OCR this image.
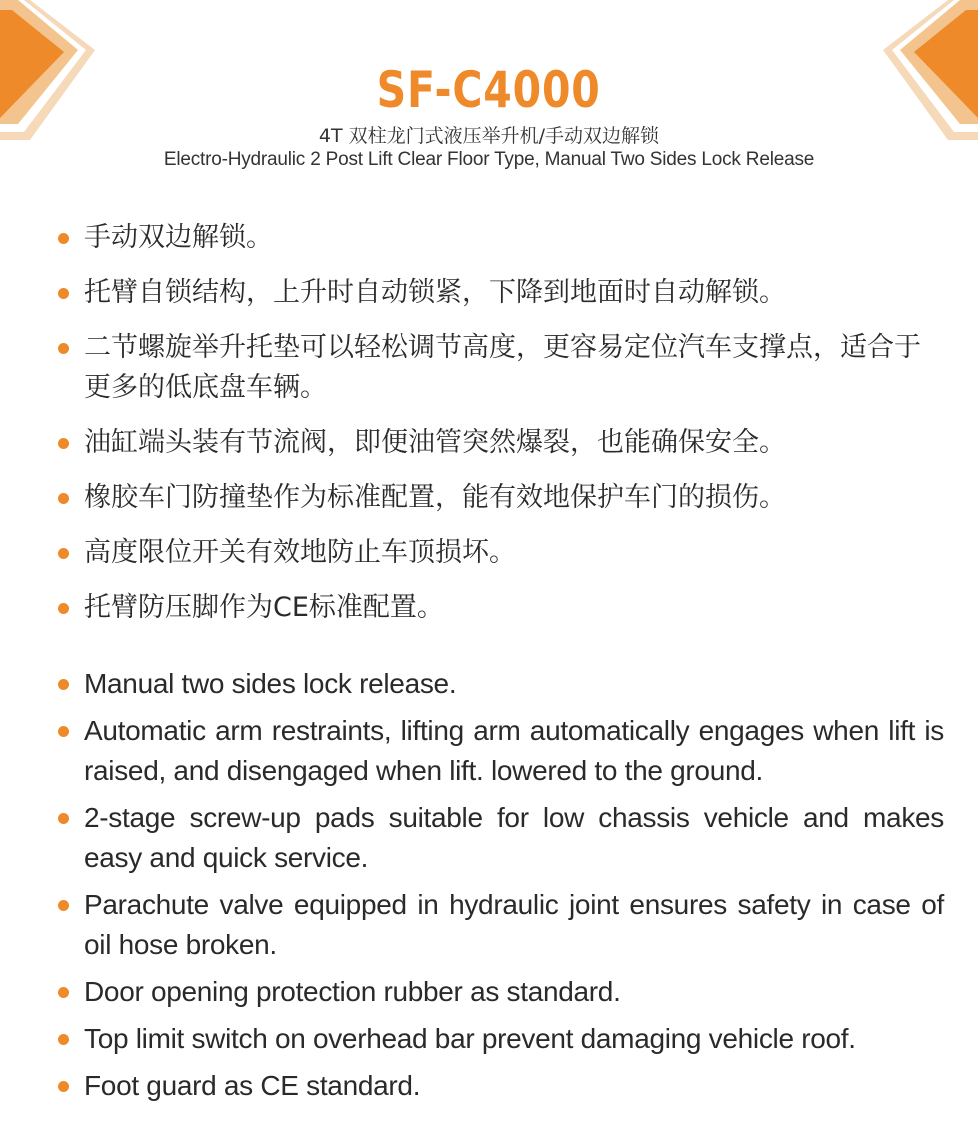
SF-C4000
4T 双柱龙门式液压举升机/手动双边解锁
Electro-Hydraulic 2 Post Lift Clear Floor Type, Manual Two Sides Lock Release
手动双边解锁。
托臂自锁结构，上升时自动锁紧，下降到地面时自动解锁。
二节螺旋举升托垫可以轻松调节高度，更容易定位汽车支撑点，适合于更多的低底盘车辆。
油缸端头装有节流阀，即便油管突然爆裂，也能确保安全。
橡胶车门防撞垫作为标准配置，能有效地保护车门的损伤。
高度限位开关有效地防止车顶损坏。
托臂防压脚作为CE标准配置。
Manual two sides lock release.
Automatic arm restraints, lifting arm automatically engages when lift is raised, and disengaged when lift. lowered to the ground.
2-stage screw-up pads suitable for low chassis vehicle and makes easy and quick service.
Parachute valve equipped in hydraulic joint ensures safety in case of oil hose broken.
Door opening protection rubber as standard.
Top limit switch on overhead bar prevent damaging vehicle roof.
Foot guard as CE standard.
